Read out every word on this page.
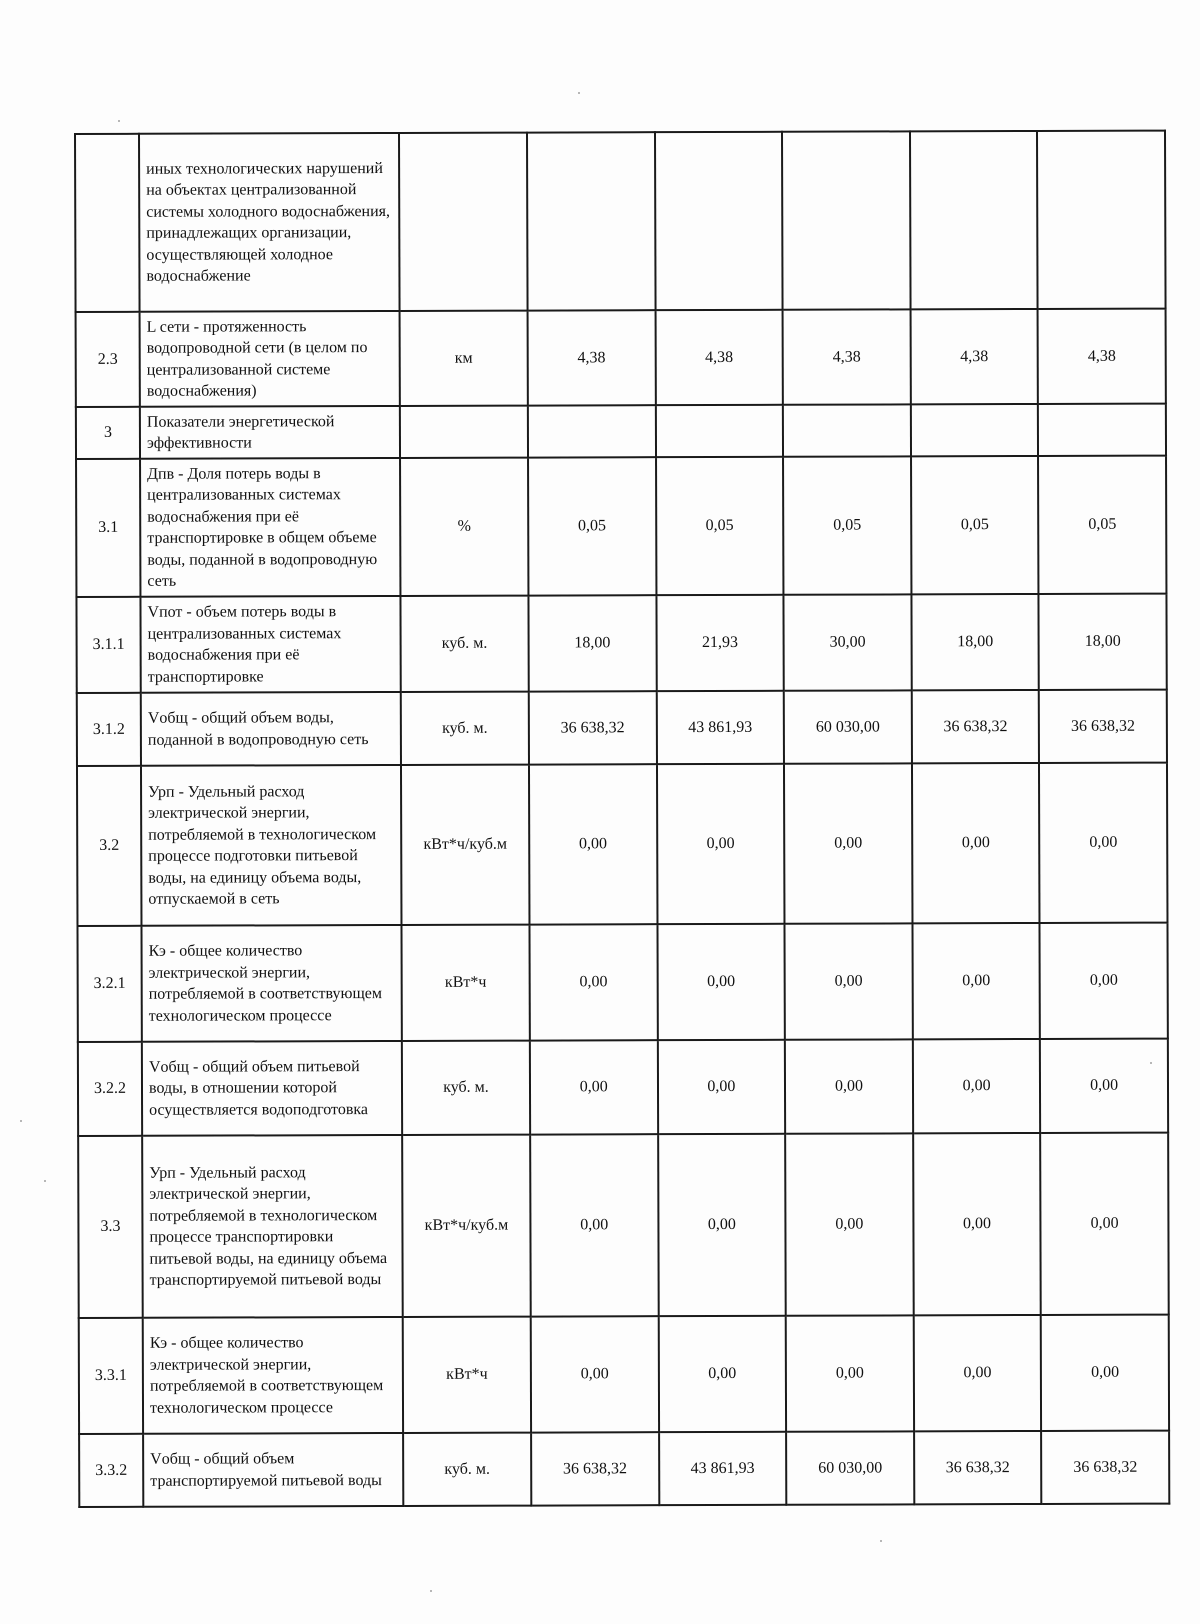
	иных технологических нарушений на объектах централизованной системы холодного водоснабжения, принадлежащих организации, осуществляющей холодное водоснабжение						
2.3	L сети - протяженность водопроводной сети (в целом по централизованной системе водоснабжения)	км	4,38	4,38	4,38	4,38	4,38
3	Показатели энергетической эффективности						
3.1	Дпв - Доля потерь воды в централизованных системах водоснабжения при её транспортировке в общем объеме воды, поданной в водопроводную сеть	%	0,05	0,05	0,05	0,05	0,05
3.1.1	Vпот - объем потерь воды в централизованных системах водоснабжения при её транспортировке	куб. м.	18,00	21,93	30,00	18,00	18,00
3.1.2	Vобщ - общий объем воды, поданной в водопроводную сеть	куб. м.	36 638,32	43 861,93	60 030,00	36 638,32	36 638,32
3.2	Урп - Удельный расход электрической энергии, потребляемой в технологическом процессе подготовки питьевой воды, на единицу объема воды, отпускаемой в сеть	кВт*ч/куб.м	0,00	0,00	0,00	0,00	0,00
3.2.1	Кэ - общее количество электрической энергии, потребляемой в соответствующем технологическом процессе	кВт*ч	0,00	0,00	0,00	0,00	0,00
3.2.2	Vобщ - общий объем питьевой воды, в отношении которой осуществляется водоподготовка	куб. м.	0,00	0,00	0,00	0,00	0,00
3.3	Урп - Удельный расход электрической энергии, потребляемой в технологическом процессе транспортировки питьевой воды, на единицу объема транспортируемой питьевой воды	кВт*ч/куб.м	0,00	0,00	0,00	0,00	0,00
3.3.1	Кэ - общее количество электрической энергии, потребляемой в соответствующем технологическом процессе	кВт*ч	0,00	0,00	0,00	0,00	0,00
3.3.2	Vобщ - общий объем транспортируемой питьевой воды	куб. м.	36 638,32	43 861,93	60 030,00	36 638,32	36 638,32
